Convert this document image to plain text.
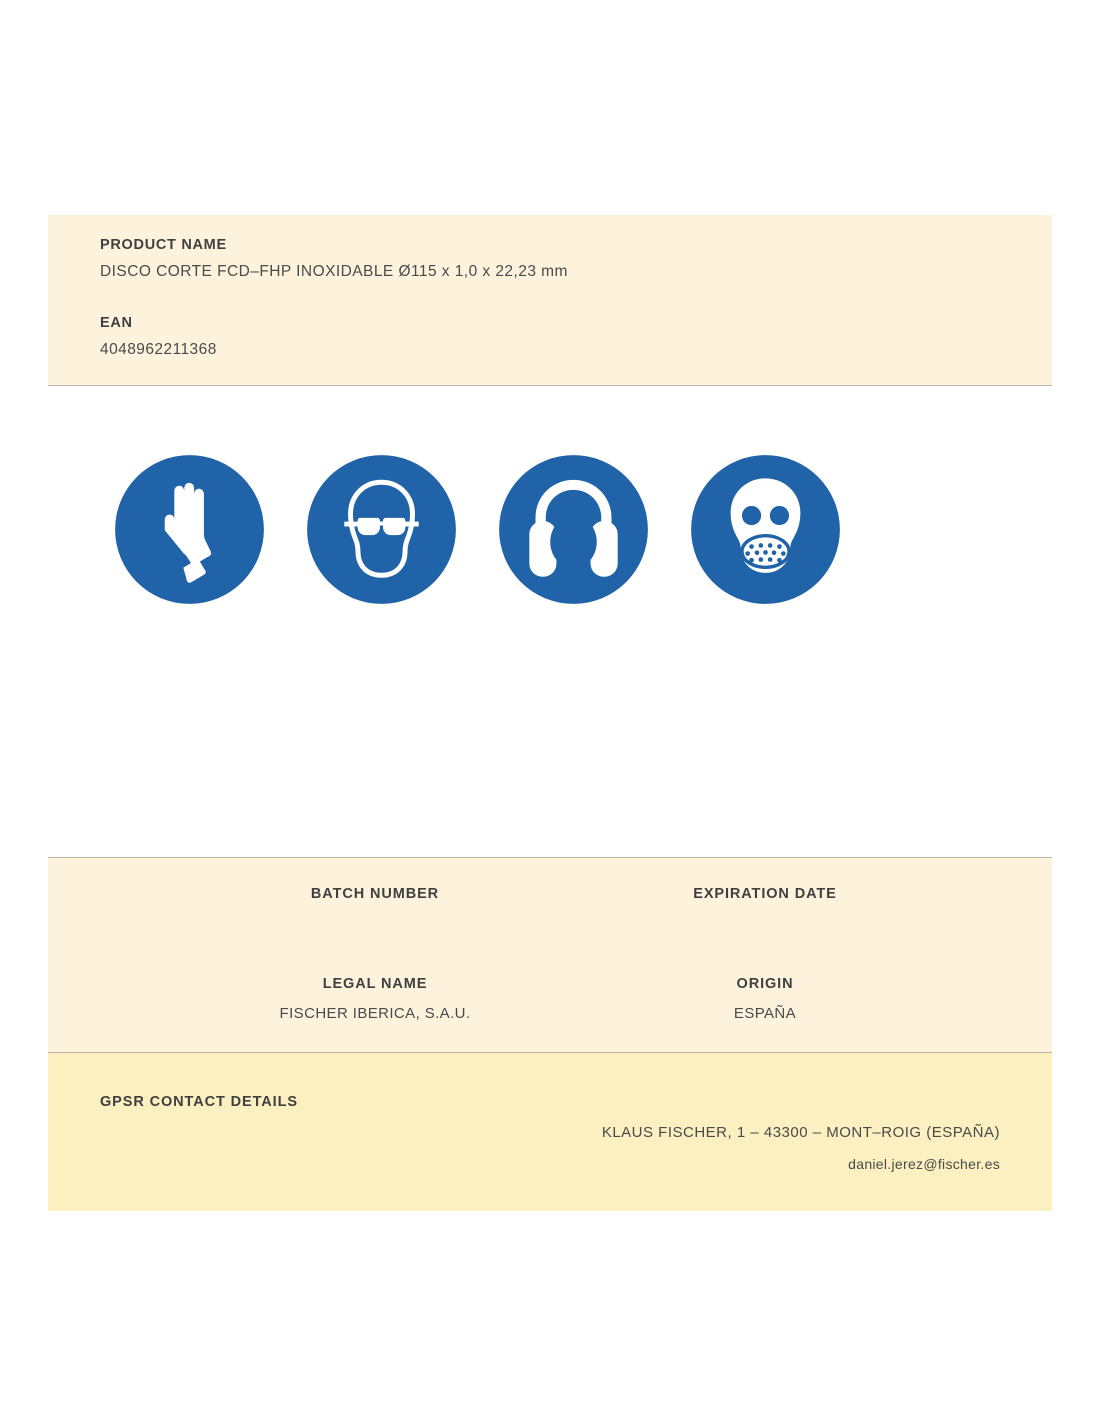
PRODUCT NAME
DISCO CORTE FCD–FHP INOXIDABLE Ø115 x 1,0 x 22,23 mm
EAN
4048962211368
BATCH NUMBER	EXPIRATION DATE
LEGAL NAME
FISCHER IBERICA, S.A.U.
ORIGIN
ESPAÑA
GPSR CONTACT DETAILS
KLAUS FISCHER, 1 – 43300 – MONT–ROIG (ESPAÑA)
daniel.jerez@fischer.es
